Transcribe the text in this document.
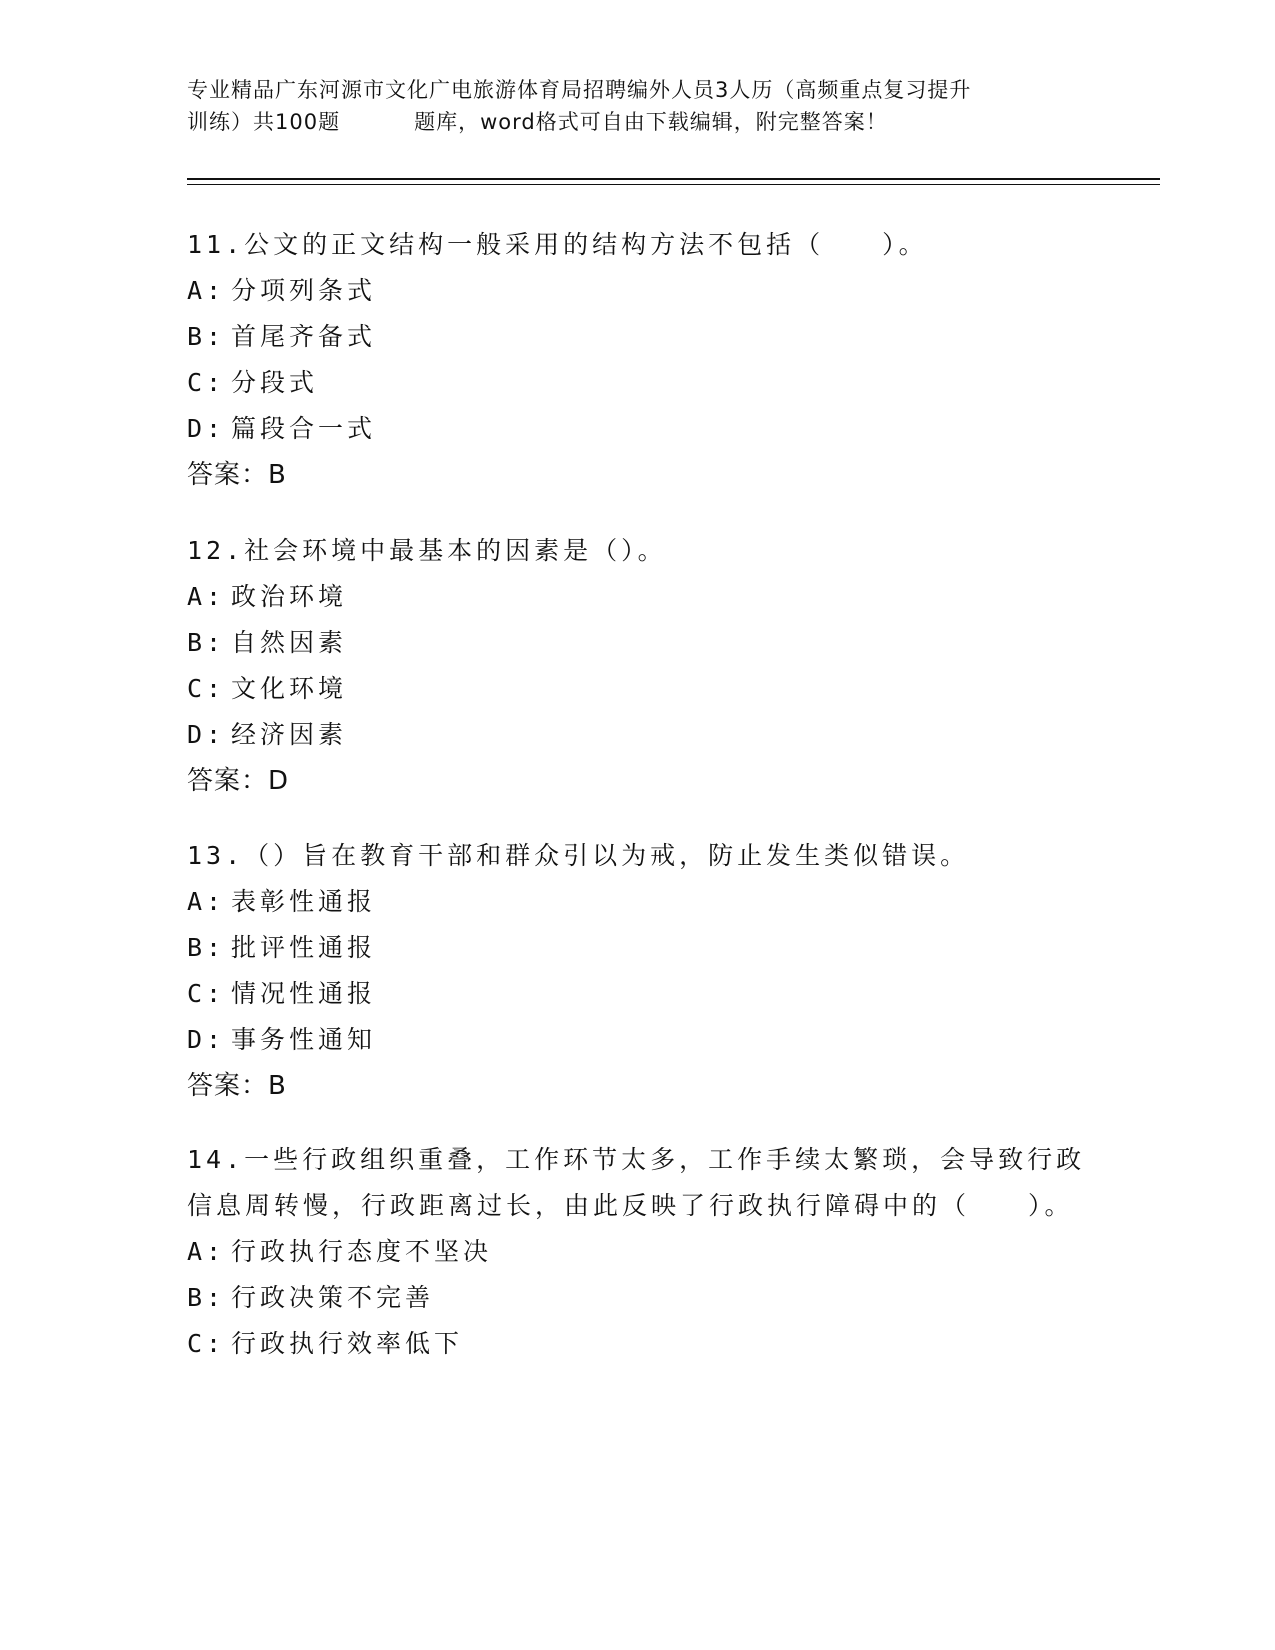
专业精品广东河源市文化广电旅游体育局招聘编外人员3人历（高频重点复习提升
训练）共100题	题库，word格式可自由下载编辑，附完整答案！
11.公文的正文结构一般采用的结构方法不包括（　　）。
A: 分项列条式
B: 首尾齐备式
C: 分段式
D: 篇段合一式
答案：B
12.社会环境中最基本的因素是（）。
A: 政治环境
B: 自然因素
C: 文化环境
D: 经济因素
答案：D
13.（）旨在教育干部和群众引以为戒，防止发生类似错误。
A: 表彰性通报
B: 批评性通报
C: 情况性通报
D: 事务性通知
答案：B
14.一些行政组织重叠，工作环节太多，工作手续太繁琐，会导致行政信息周转慢，行政距离过长，由此反映了行政执行障碍中的（　　）。
A: 行政执行态度不坚决
B: 行政决策不完善
C: 行政执行效率低下
